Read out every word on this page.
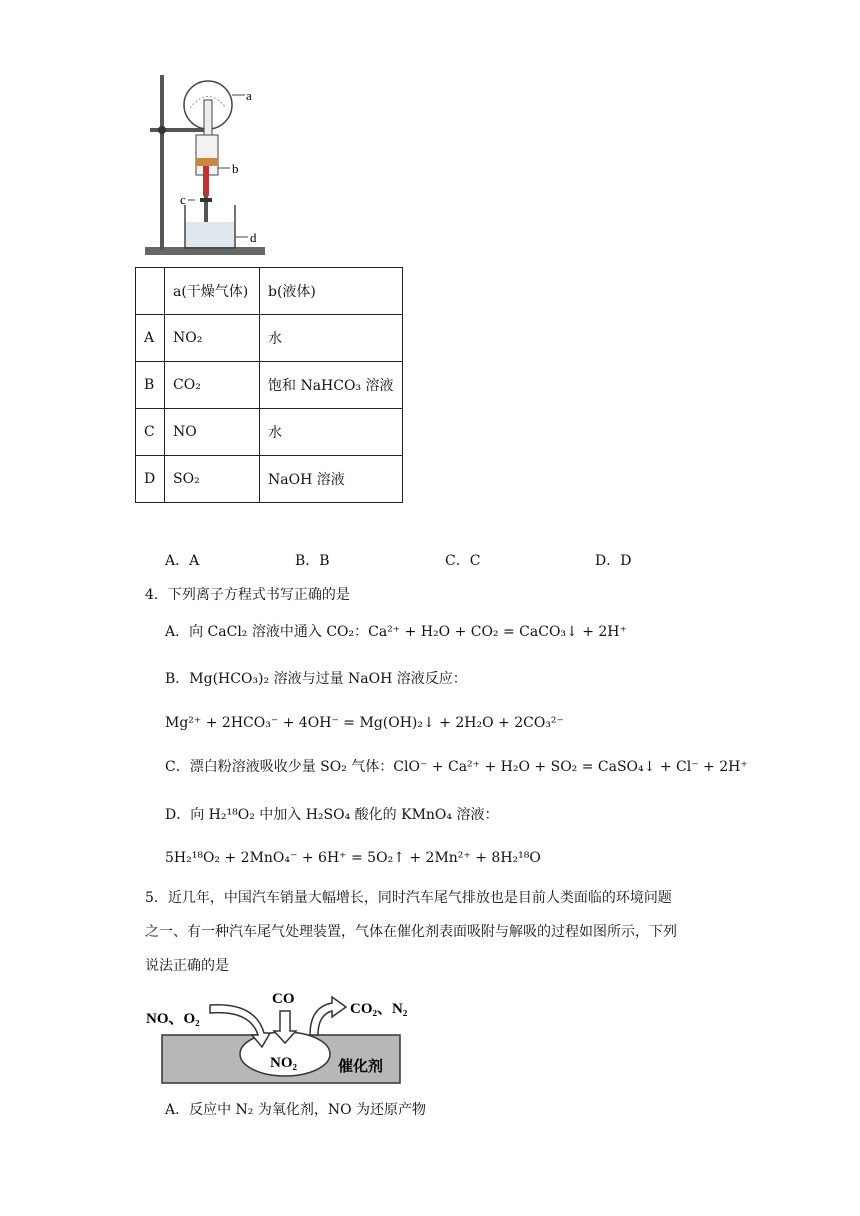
a
b
c
d
	a(干燥气体)	b(液体)
A	NO₂	水
B	CO₂	饱和 NaHCO₃ 溶液
C	NO	水
D	SO₂	NaOH 溶液
A．A	B．B	C．C	D．D
4．下列离子方程式书写正确的是
A．向 CaCl₂ 溶液中通入 CO₂：Ca²⁺ + H₂O + CO₂ = CaCO₃↓ + 2H⁺
B．Mg(HCO₃)₂ 溶液与过量 NaOH 溶液反应：
Mg²⁺ + 2HCO₃⁻ + 4OH⁻ = Mg(OH)₂↓ + 2H₂O + 2CO₃²⁻
C．漂白粉溶液吸收少量 SO₂ 气体：ClO⁻ + Ca²⁺ + H₂O + SO₂ = CaSO₄↓ + Cl⁻ + 2H⁺
D．向 H₂¹⁸O₂ 中加入 H₂SO₄ 酸化的 KMnO₄ 溶液：
5H₂¹⁸O₂ + 2MnO₄⁻ + 6H⁺ = 5O₂↑ + 2Mn²⁺ + 8H₂¹⁸O
5．近几年，中国汽车销量大幅增长，同时汽车尾气排放也是目前人类面临的环境问题
之一、有一种汽车尾气处理装置，气体在催化剂表面吸附与解吸的过程如图所示，下列
说法正确的是
NO、O₂
CO
CO₂、N₂
NO₂	催化剂
A．反应中 N₂ 为氧化剂，NO 为还原产物
